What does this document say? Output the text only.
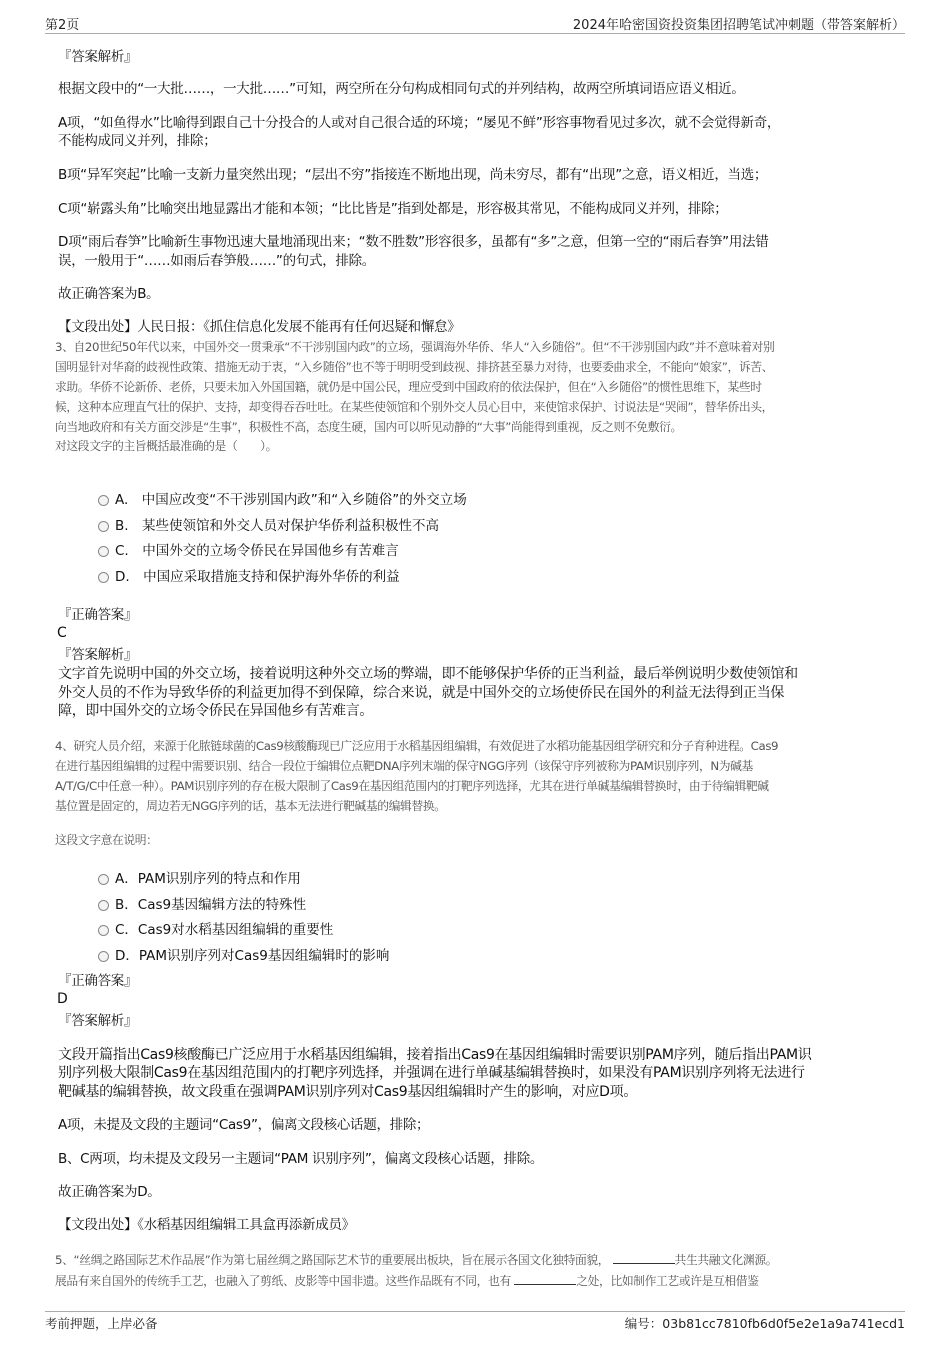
第2页	2024年哈密国资投资集团招聘笔试冲刺题（带答案解析）
『答案解析』
根据文段中的“一大批……，一大批……”可知，两空所在分句构成相同句式的并列结构，故两空所填词语应语义相近。
A项，“如鱼得水”比喻得到跟自己十分投合的人或对自己很合适的环境；“屡见不鲜”形容事物看见过多次，就不会觉得新奇，
不能构成同义并列，排除；
B项“异军突起”比喻一支新力量突然出现；“层出不穷”指接连不断地出现，尚未穷尽，都有“出现”之意，语义相近，当选；
C项“崭露头角”比喻突出地显露出才能和本领；“比比皆是”指到处都是，形容极其常见，不能构成同义并列，排除；
D项“雨后春笋”比喻新生事物迅速大量地涌现出来；“数不胜数”形容很多，虽都有“多”之意，但第一空的“雨后春笋”用法错
误，一般用于“……如雨后春笋般……”的句式，排除。
故正确答案为B。
【文段出处】人民日报：《抓住信息化发展不能再有任何迟疑和懈怠》
3、自20世纪50年代以来，中国外交一贯秉承“不干涉别国内政”的立场，强调海外华侨、华人“入乡随俗”。但“不干涉别国内政”并不意味着对别
国明显针对华裔的歧视性政策、措施无动于衷，“入乡随俗”也不等于明明受到歧视、排挤甚至暴力对待，也要委曲求全，不能向“娘家”，诉苦、
求助。华侨不论新侨、老侨，只要未加入外国国籍，就仍是中国公民，理应受到中国政府的依法保护，但在“入乡随俗”的惯性思维下，某些时
候，这种本应理直气壮的保护、支持，却变得吞吞吐吐。在某些使领馆和个别外交人员心目中，来使馆求保护、讨说法是“哭闹”，替华侨出头，
向当地政府和有关方面交涉是“生事”，积极性不高，态度生硬，国内可以听见动静的“大事”尚能得到重视，反之则不免敷衍。
对这段文字的主旨概括最准确的是（　　）。
A.　中国应改变“不干涉别国内政”和“入乡随俗”的外交立场
B.　某些使领馆和外交人员对保护华侨利益积极性不高
C.　中国外交的立场令侨民在异国他乡有苦难言
D.　中国应采取措施支持和保护海外华侨的利益
『正确答案』
C
『答案解析』
文字首先说明中国的外交立场，接着说明这种外交立场的弊端，即不能够保护华侨的正当利益，最后举例说明少数使领馆和
外交人员的不作为导致华侨的利益更加得不到保障，综合来说，就是中国外交的立场使侨民在国外的利益无法得到正当保
障，即中国外交的立场令侨民在异国他乡有苦难言。
4、研究人员介绍，来源于化脓链球菌的Cas9核酸酶现已广泛应用于水稻基因组编辑，有效促进了水稻功能基因组学研究和分子育种进程。Cas9
在进行基因组编辑的过程中需要识别、结合一段位于编辑位点靶DNA序列末端的保守NGG序列（该保守序列被称为PAM识别序列，N为碱基
A/T/G/C中任意一种）。PAM识别序列的存在极大限制了Cas9在基因组范围内的打靶序列选择，尤其在进行单碱基编辑替换时，由于待编辑靶碱
基位置是固定的，周边若无NGG序列的话，基本无法进行靶碱基的编辑替换。
这段文字意在说明：
A．PAM识别序列的特点和作用
B．Cas9基因编辑方法的特殊性
C．Cas9对水稻基因组编辑的重要性
D．PAM识别序列对Cas9基因组编辑时的影响
『正确答案』
D
『答案解析』
文段开篇指出Cas9核酸酶已广泛应用于水稻基因组编辑，接着指出Cas9在基因组编辑时需要识别PAM序列，随后指出PAM识
别序列极大限制Cas9在基因组范围内的打靶序列选择，并强调在进行单碱基编辑替换时，如果没有PAM识别序列将无法进行
靶碱基的编辑替换，故文段重在强调PAM识别序列对Cas9基因组编辑时产生的影响，对应D项。
A项，未提及文段的主题词“Cas9”，偏离文段核心话题，排除；
B、C两项，均未提及文段另一主题词“PAM 识别序列”，偏离文段核心话题，排除。
故正确答案为D。
【文段出处】《水稻基因组编辑工具盒再添新成员》
5、“丝绸之路国际艺术作品展”作为第七届丝绸之路国际艺术节的重要展出板块，旨在展示各国文化独特面貌，	共生共融文化渊源。
展品有来自国外的传统手工艺，也融入了剪纸、皮影等中国非遗。这些作品既有不同，也有	之处，比如制作工艺或许是互相借鉴
考前押题，上岸必备	编号：03b81cc7810fb6d0f5e2e1a9a741ecd1
